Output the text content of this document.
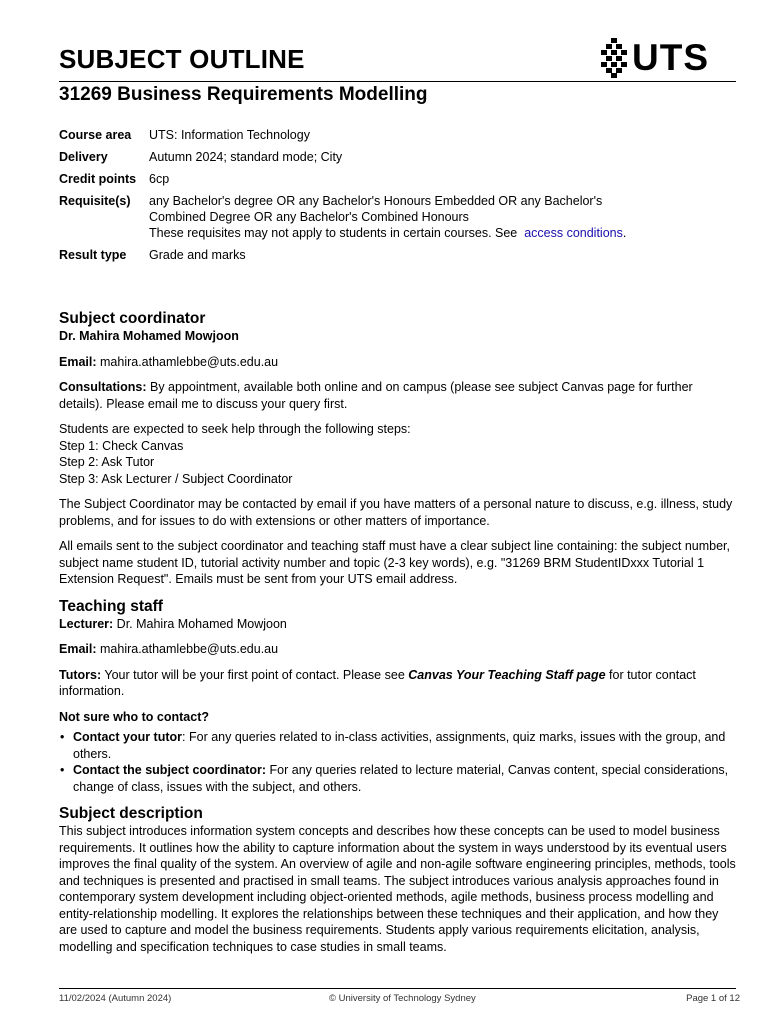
SUBJECT OUTLINE	UTS
31269 Business Requirements Modelling
Course area UTS: Information Technology
Delivery	Autumn 2024; standard mode; City
Credit points 6cp
Requisite(s) any Bachelor's degree OR any Bachelor's Honours Embedded OR any Bachelor's Combined Degree OR any Bachelor's Combined Honours
These requisites may not apply to students in certain courses. See access conditions.
Result type Grade and marks
Subject coordinator

Dr. Mahira Mohamed Mowjoon

Email: mahira.athamlebbe@uts.edu.au

Consultations: By appointment, available both online and on campus (please see subject Canvas page for further details). Please email me to discuss your query first.

Students are expected to seek help through the following steps:
Step 1: Check Canvas
Step 2: Ask Tutor
Step 3: Ask Lecturer / Subject Coordinator

The Subject Coordinator may be contacted by email if you have matters of a personal nature to discuss, e.g. illness, study problems, and for issues to do with extensions or other matters of importance.

All emails sent to the subject coordinator and teaching staff must have a clear subject line containing: the subject number, subject name student ID, tutorial activity number and topic (2-3 key words), e.g. "31269 BRM StudentIDxxx Tutorial 1 Extension Request". Emails must be sent from your UTS email address.

Teaching staff

Lecturer: Dr. Mahira Mohamed Mowjoon

Email: mahira.athamlebbe@uts.edu.au

Tutors: Your tutor will be your first point of contact. Please see Canvas Your Teaching Staff page for tutor contact information.

Not sure who to contact?

• Contact your tutor: For any queries related to in-class activities, assignments, quiz marks, issues with the group, and others.
• Contact the subject coordinator: For any queries related to lecture material, Canvas content, special considerations, change of class, issues with the subject, and others.
Subject description

This subject introduces information system concepts and describes how these concepts can be used to model business requirements. It outlines how the ability to capture information about the system in ways understood by its eventual users improves the final quality of the system. An overview of agile and non-agile software engineering principles, methods, tools and techniques is presented and practised in small teams. The subject introduces various analysis approaches found in contemporary system development including object-oriented methods, agile methods, business process modelling and entity-relationship modelling. It explores the relationships between these techniques and their application, and how they are used to capture and model the business requirements. Students apply various requirements elicitation, analysis, modelling and specification techniques to case studies in small teams.

11/02/2024 (Autumn 2024)	© University of Technology Sydney	Page 1 of 12
